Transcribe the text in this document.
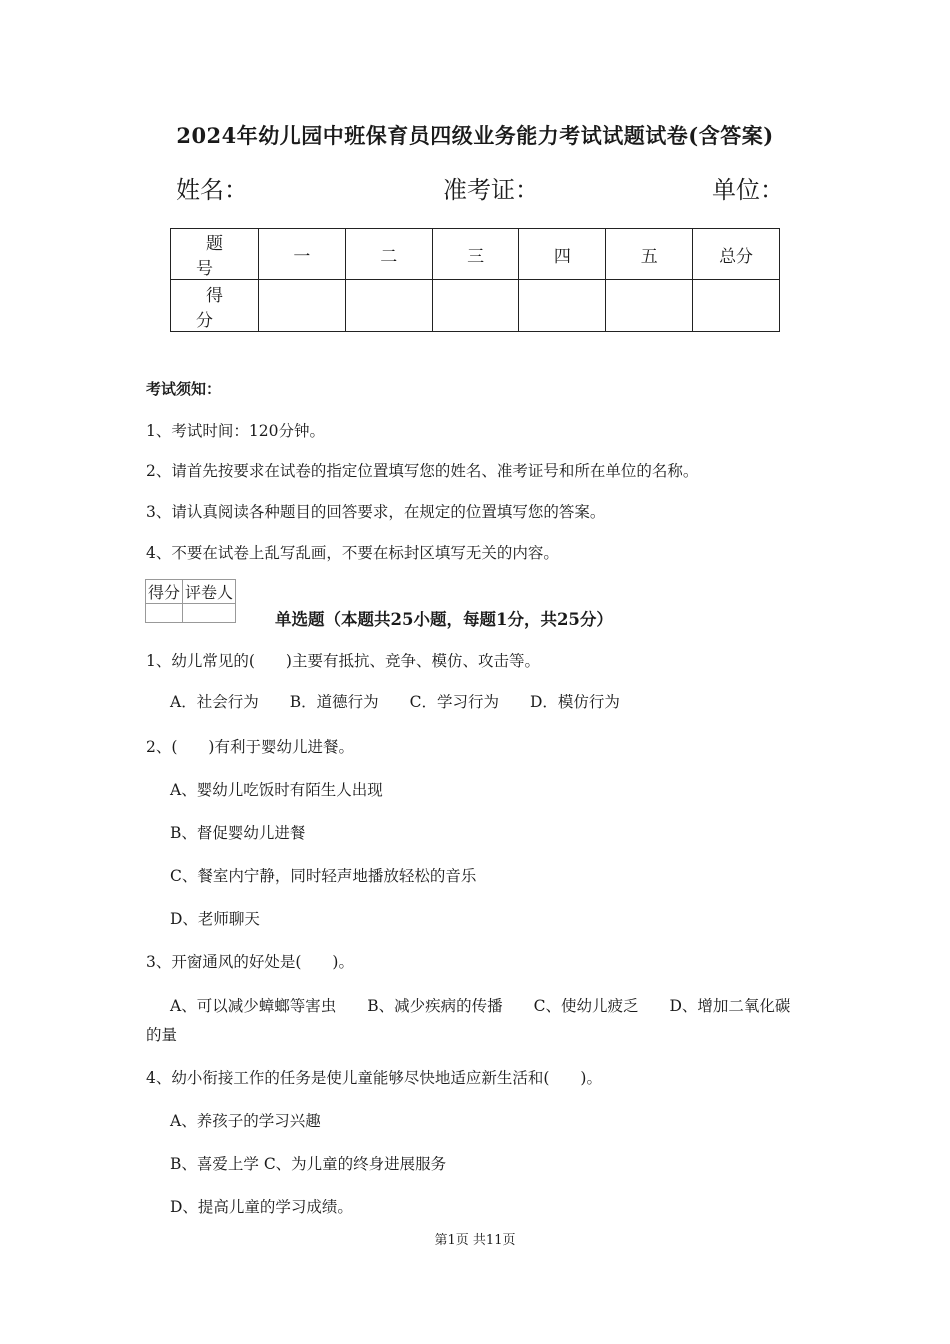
2024年幼儿园中班保育员四级业务能力考试试题试卷(含答案)
姓名：	准考证：	单位：
题　号	一	二	三	四	五	总分
得　分						
考试须知：
1、考试时间：120分钟。
2、请首先按要求在试卷的指定位置填写您的姓名、准考证号和所在单位的名称。
3、请认真阅读各种题目的回答要求，在规定的位置填写您的答案。
4、不要在试卷上乱写乱画，不要在标封区填写无关的内容。
得分	评卷人

单选题（本题共25小题，每题1分，共25分）
1、幼儿常见的(　　)主要有抵抗、竞争、模仿、攻击等。
A．社会行为　　B．道德行为　　C．学习行为　　D．模仿行为
2、(　　)有利于婴幼儿进餐。
A、婴幼儿吃饭时有陌生人出现
B、督促婴幼儿进餐
C、餐室内宁静，同时轻声地播放轻松的音乐
D、老师聊天
3、开窗通风的好处是(　　)。
A、可以减少蟑螂等害虫　　B、减少疾病的传播　　C、使幼儿疲乏　　D、增加二氧化碳
的量
4、幼小衔接工作的任务是使儿童能够尽快地适应新生活和(　　)。
A、养孩子的学习兴趣
B、喜爱上学 C、为儿童的终身进展服务
D、提高儿童的学习成绩。
第1页 共11页
